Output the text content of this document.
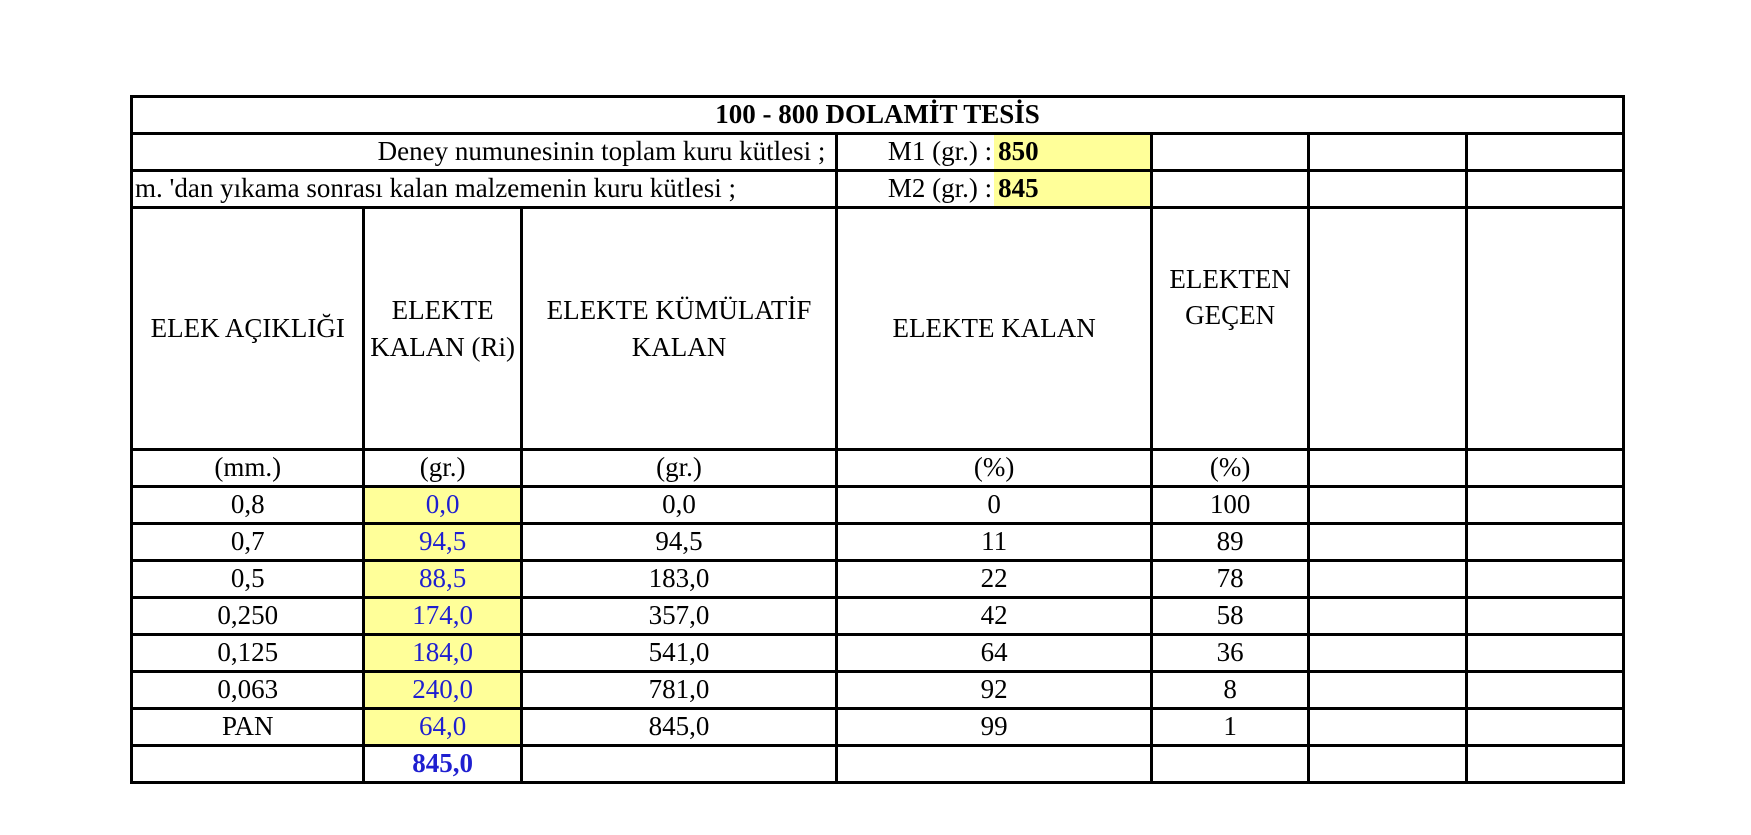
100 - 800 DOLAMİT TESİS							
Deney numunesinin toplam kuru kütlesi ;			M1 (gr.) :	850			
m. 'dan yıkama sonrası kalan malzemenin kuru kütlesi ;			M2 (gr.) :	845			
ELEK AÇIKLIĞI	ELEKTE KALAN (Ri)	ELEKTE KÜMÜLATİF KALAN	ELEKTE KALAN		ELEKTEN GEÇEN		
(mm.)	(gr.)	(gr.)	(%)		(%)		
0,8	0,0	0,0	0		100		
0,7	94,5	94,5	11		89		
0,5	88,5	183,0	22		78		
0,250	174,0	357,0	42		58		
0,125	184,0	541,0	64		36		
0,063	240,0	781,0	92		8		
PAN	64,0	845,0	99		1		
	845,0						
